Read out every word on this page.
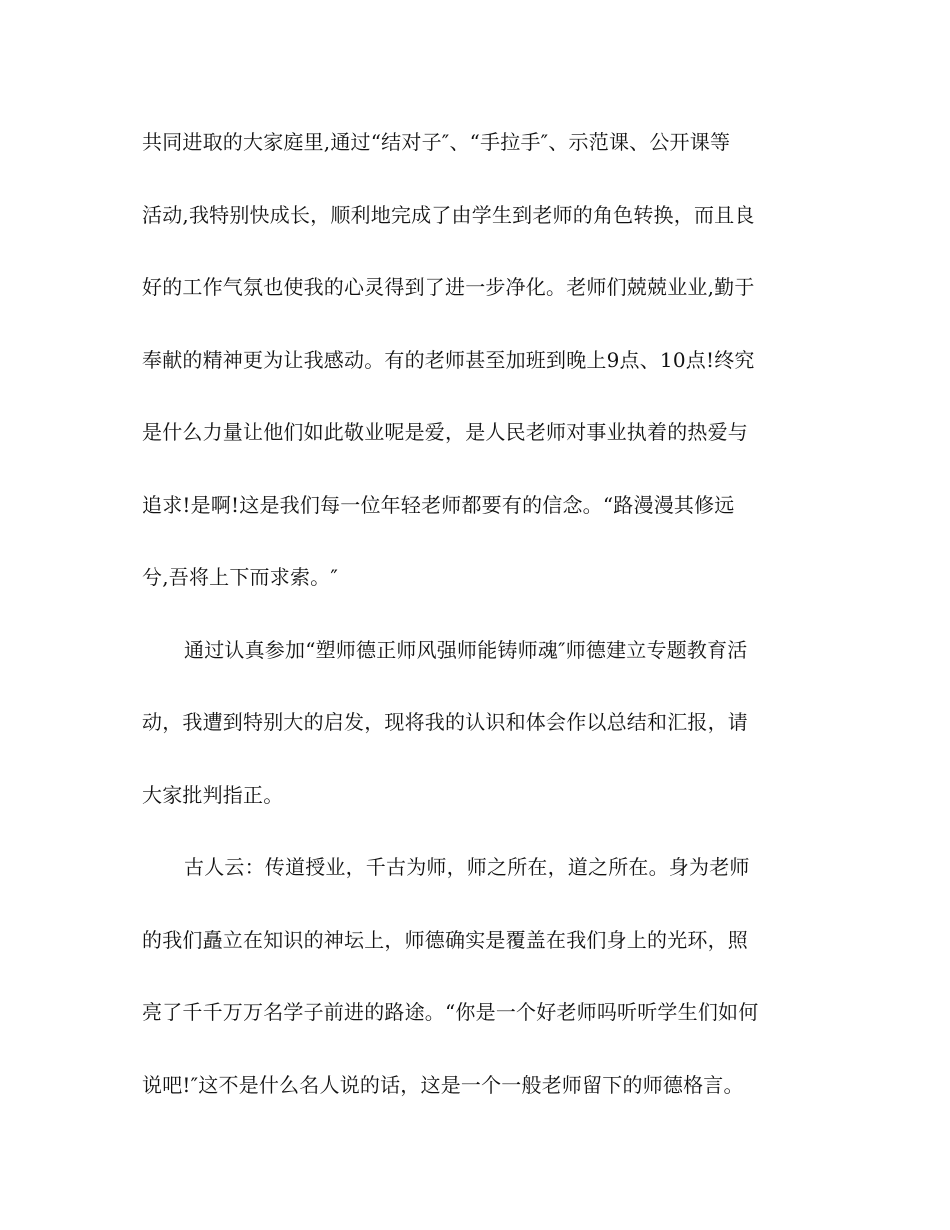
共同进取的大家庭里,通过“结对子″、“手拉手″、示范课、公开课等
活动,我特别快成长，顺利地完成了由学生到老师的角色转换，而且良
好的工作气氛也使我的心灵得到了进一步净化。老师们兢兢业业,勤于
奉献的精神更为让我感动。有的老师甚至加班到晚上9点、10点!终究
是什么力量让他们如此敬业呢是爱，是人民老师对事业执着的热爱与
追求!是啊!这是我们每一位年轻老师都要有的信念。“路漫漫其修远
兮,吾将上下而求索。″
通过认真参加“塑师德正师风强师能铸师魂″师德建立专题教育活
动，我遭到特别大的启发，现将我的认识和体会作以总结和汇报，请
大家批判指正。
古人云：传道授业，千古为师，师之所在，道之所在。身为老师
的我们矗立在知识的神坛上，师德确实是覆盖在我们身上的光环，照
亮了千千万万名学子前进的路途。“你是一个好老师吗听听学生们如何
说吧!″这不是什么名人说的话，这是一个一般老师留下的师德格言。
